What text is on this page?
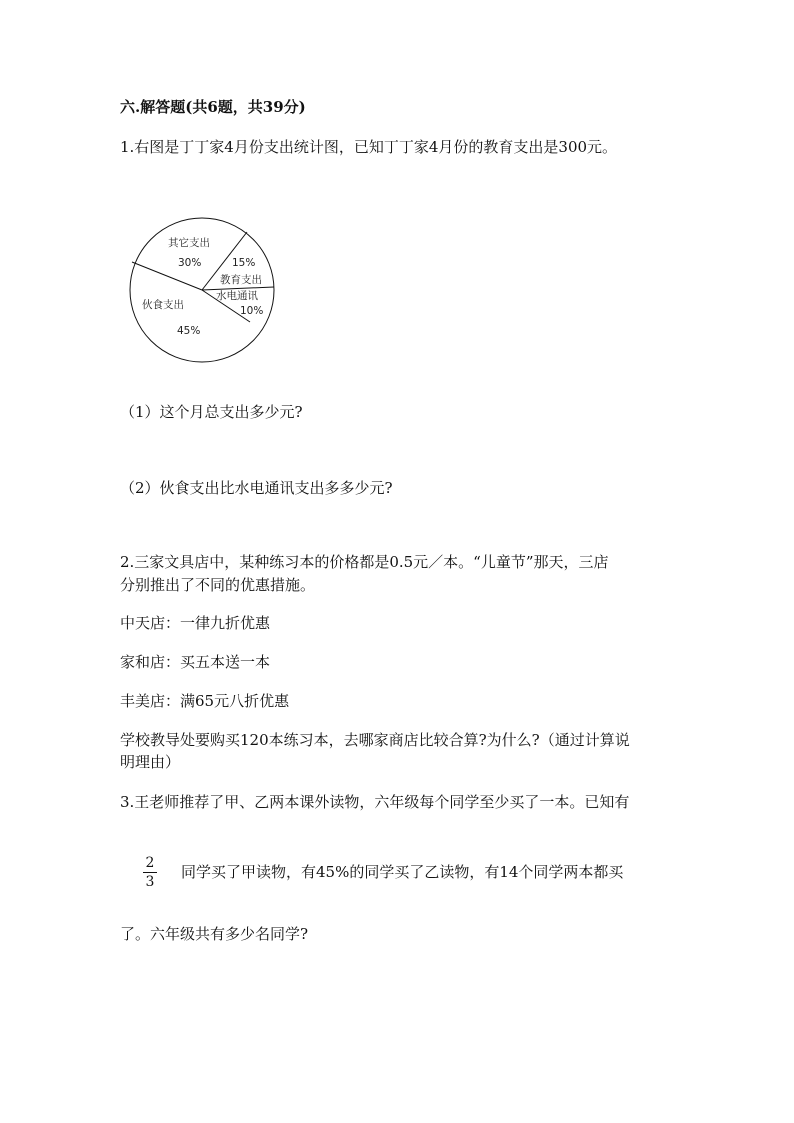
六.解答题(共6题，共39分)
1.右图是丁丁家4月份支出统计图，已知丁丁家4月份的教育支出是300元。
其它支出
30%	15%
教育支出
水电通讯
10%
伙食支出
45%
（1）这个月总支出多少元?
（2）伙食支出比水电通讯支出多多少元?
2.三家文具店中，某种练习本的价格都是0.5元／本。“儿童节”那天，三店
分别推出了不同的优惠措施。
中天店：一律九折优惠
家和店：买五本送一本
丰美店：满65元八折优惠
学校教导处要购买120本练习本，去哪家商店比较合算?为什么?（通过计算说
明理由）
3.王老师推荐了甲、乙两本课外读物，六年级每个同学至少买了一本。已知有
2
3
同学买了甲读物，有45%的同学买了乙读物，有14个同学两本都买
了。六年级共有多少名同学?
